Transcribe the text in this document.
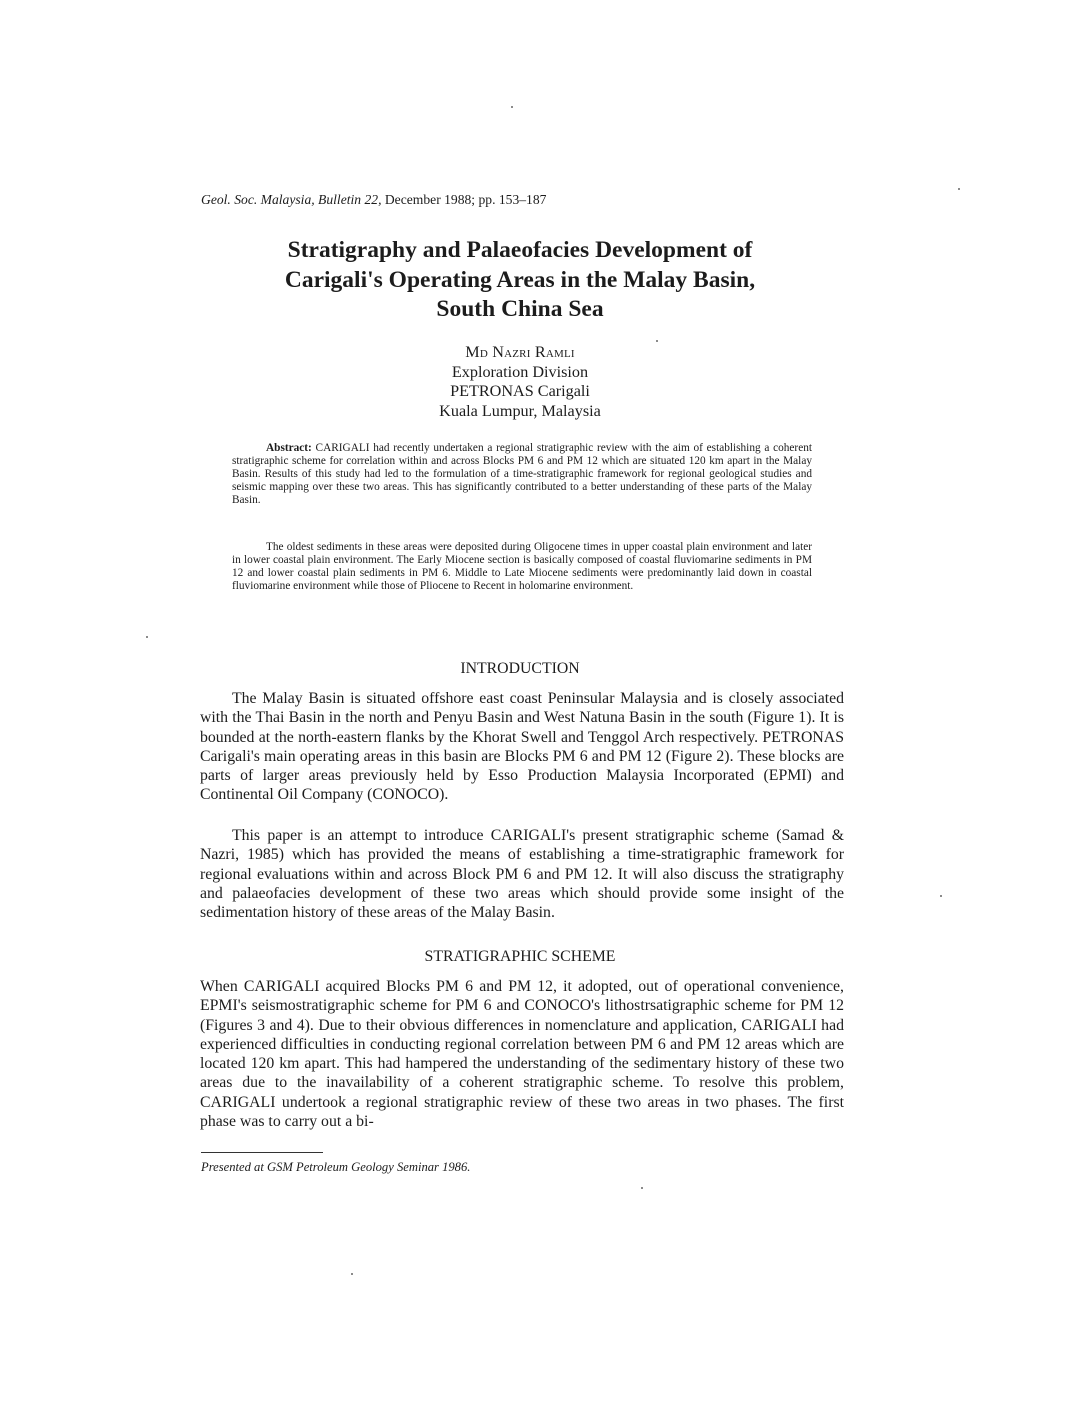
Geol. Soc. Malaysia, Bulletin 22, December 1988; pp. 153–187
Stratigraphy and Palaeofacies Development of
Carigali's Operating Areas in the Malay Basin,
South China Sea
Md Nazri Ramli
Exploration Division
PETRONAS Carigali
Kuala Lumpur, Malaysia

Abstract: CARIGALI had recently undertaken a regional stratigraphic review with the aim of establishing a coherent stratigraphic scheme for correlation within and across Blocks PM 6 and PM 12 which are situated 120 km apart in the Malay Basin. Results of this study had led to the formulation of a time-stratigraphic framework for regional geological studies and seismic mapping over these two areas. This has significantly contributed to a better understanding of these parts of the Malay Basin.

The oldest sediments in these areas were deposited during Oligocene times in upper coastal plain environment and later in lower coastal plain environment. The Early Miocene section is basically composed of coastal fluviomarine sediments in PM 12 and lower coastal plain sediments in PM 6. Middle to Late Miocene sediments were predominantly laid down in coastal fluviomarine environment while those of Pliocene to Recent in holomarine environment.

INTRODUCTION

The Malay Basin is situated offshore east coast Peninsular Malaysia and is closely associated with the Thai Basin in the north and Penyu Basin and West Natuna Basin in the south (Figure 1). It is bounded at the north-eastern flanks by the Khorat Swell and Tenggol Arch respectively. PETRONAS Carigali's main operating areas in this basin are Blocks PM 6 and PM 12 (Figure 2). These blocks are parts of larger areas previously held by Esso Production Malaysia Incorporated (EPMI) and Continental Oil Company (CONOCO).

This paper is an attempt to introduce CARIGALI's present stratigraphic scheme (Samad & Nazri, 1985) which has provided the means of establishing a time-stratigraphic framework for regional evaluations within and across Block PM 6 and PM 12. It will also discuss the stratigraphy and palaeofacies development of these two areas which should provide some insight of the sedimentation history of these areas of the Malay Basin.

STRATIGRAPHIC SCHEME

When CARIGALI acquired Blocks PM 6 and PM 12, it adopted, out of operational convenience, EPMI's seismostratigraphic scheme for PM 6 and CONOCO's lithostrsatigraphic scheme for PM 12 (Figures 3 and 4). Due to their obvious differences in nomenclature and application, CARIGALI had experienced difficulties in conducting regional correlation between PM 6 and PM 12 areas which are located 120 km apart. This had hampered the understanding of the sedimentary history of these two areas due to the inavailability of a coherent stratigraphic scheme. To resolve this problem, CARIGALI undertook a regional stratigraphic review of these two areas in two phases. The first phase was to carry out a bi-

Presented at GSM Petroleum Geology Seminar 1986.
